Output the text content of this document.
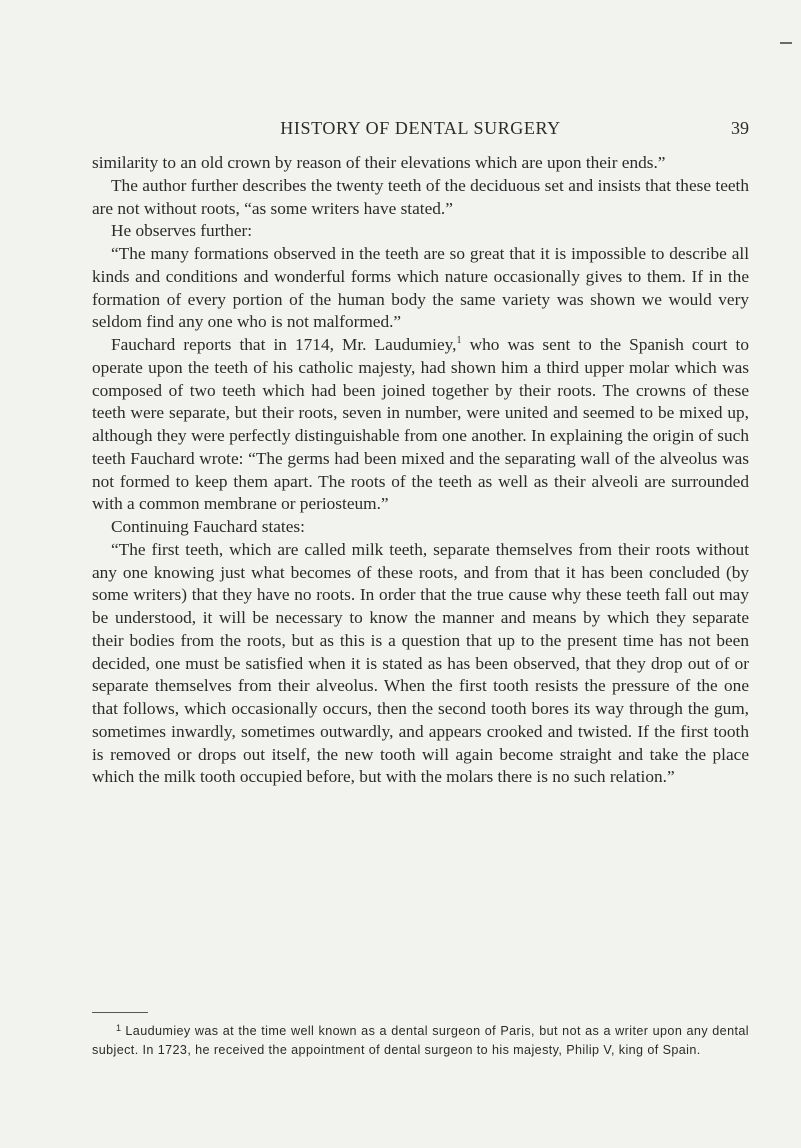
HISTORY OF DENTAL SURGERY	39

similarity to an old crown by reason of their elevations which are upon their ends.”

The author further describes the twenty teeth of the deciduous set and insists that these teeth are not without roots, “as some writers have stated.”

He observes further:

“The many formations observed in the teeth are so great that it is impossible to describe all kinds and conditions and wonderful forms which nature occasionally gives to them. If in the formation of every portion of the human body the same variety was shown we would very seldom find any one who is not malformed.”

Fauchard reports that in 1714, Mr. Laudumiey,$^1$ who was sent to the Spanish court to operate upon the teeth of his catholic majesty, had shown him a third upper molar which was composed of two teeth which had been joined together by their roots. The crowns of these teeth were separate, but their roots, seven in number, were united and seemed to be mixed up, although they were perfectly distinguishable from one another. In explaining the origin of such teeth Fauchard wrote: “The germs had been mixed and the separating wall of the alveolus was not formed to keep them apart. The roots of the teeth as well as their alveoli are surrounded with a common membrane or periosteum.”

Continuing Fauchard states:

“The first teeth, which are called milk teeth, separate themselves from their roots without any one knowing just what becomes of these roots, and from that it has been concluded (by some writers) that they have no roots. In order that the true cause why these teeth fall out may be understood, it will be necessary to know the manner and means by which they separate their bodies from the roots, but as this is a question that up to the present time has not been decided, one must be satisfied when it is stated as has been observed, that they drop out of or separate themselves from their alveolus. When the first tooth resists the pressure of the one that follows, which occasionally occurs, then the second tooth bores its way through the gum, sometimes inwardly, sometimes outwardly, and appears crooked and twisted. If the first tooth is removed or drops out itself, the new tooth will again become straight and take the place which the milk tooth occupied before, but with the molars there is no such relation.”

1 Laudumiey was at the time well known as a dental surgeon of Paris, but not as a writer upon any dental subject. In 1723, he received the appointment of dental surgeon to his majesty, Philip V, king of Spain.
